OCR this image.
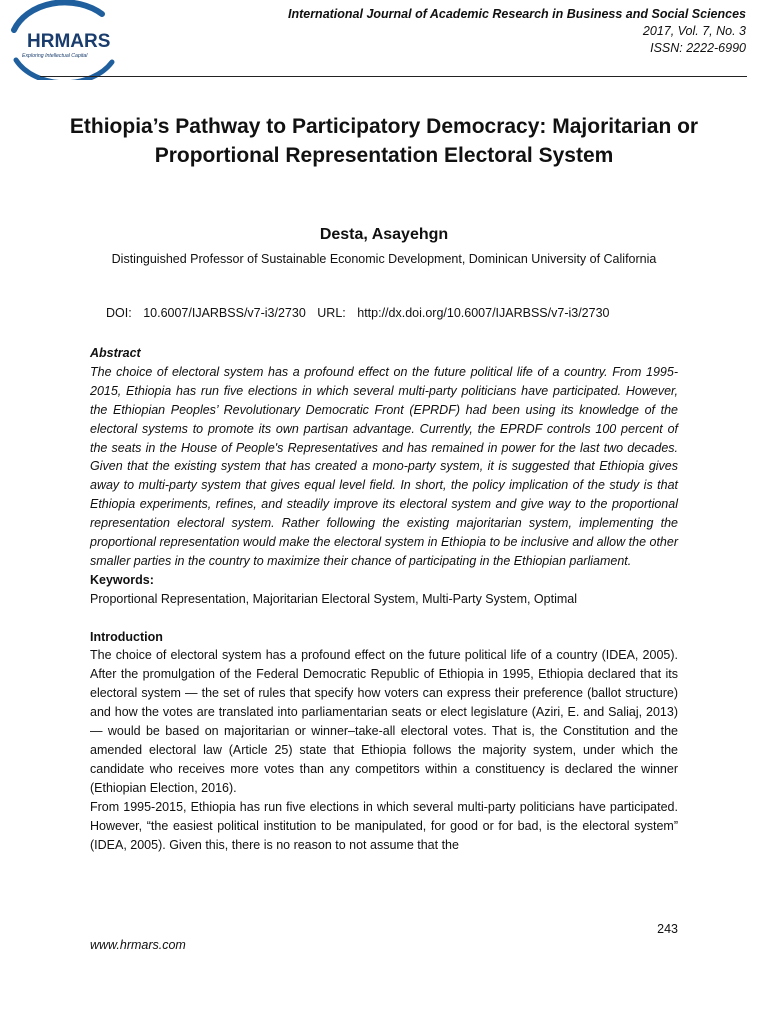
HRMARS
Exploring Intellectual Capital
International Journal of Academic Research in Business and Social Sciences
2017, Vol. 7, No. 3
ISSN: 2222-6990
Ethiopia’s Pathway to Participatory Democracy: Majoritarian or Proportional Representation Electoral System
Desta, Asayehgn
Distinguished Professor of Sustainable Economic Development, Dominican University of California
DOI: 10.6007/IJARBSS/v7-i3/2730 URL: http://dx.doi.org/10.6007/IJARBSS/v7-i3/2730
Abstract

The choice of electoral system has a profound effect on the future political life of a country. From 1995-2015, Ethiopia has run five elections in which several multi-party politicians have participated. However, the Ethiopian Peoples’ Revolutionary Democratic Front (EPRDF) had been using its knowledge of the electoral systems to promote its own partisan advantage. Currently, the EPRDF controls 100 percent of the seats in the House of People's Representatives and has remained in power for the last two decades. Given that the existing system that has created a mono-party system, it is suggested that Ethiopia gives away to multi-party system that gives equal level field. In short, the policy implication of the study is that Ethiopia experiments, refines, and steadily improve its electoral system and give way to the proportional representation electoral system. Rather following the existing majoritarian system, implementing the proportional representation would make the electoral system in Ethiopia to be inclusive and allow the other smaller parties in the country to maximize their chance of participating in the Ethiopian parliament.

Keywords:

Proportional Representation, Majoritarian Electoral System, Multi-Party System, Optimal

Introduction

The choice of electoral system has a profound effect on the future political life of a country (IDEA, 2005). After the promulgation of the Federal Democratic Republic of Ethiopia in 1995, Ethiopia declared that its electoral system — the set of rules that specify how voters can express their preference (ballot structure) and how the votes are translated into parliamentarian seats or elect legislature (Aziri, E. and Saliaj, 2013) — would be based on majoritarian or winner–take-all electoral votes. That is, the Constitution and the amended electoral law (Article 25) state that Ethiopia follows the majority system, under which the candidate who receives more votes than any competitors within a constituency is declared the winner (Ethiopian Election, 2016).

From 1995-2015, Ethiopia has run five elections in which several multi-party politicians have participated. However, “the easiest political institution to be manipulated, for good or for bad, is the electoral system” (IDEA, 2005). Given this, there is no reason to not assume that the

243
www.hrmars.com
